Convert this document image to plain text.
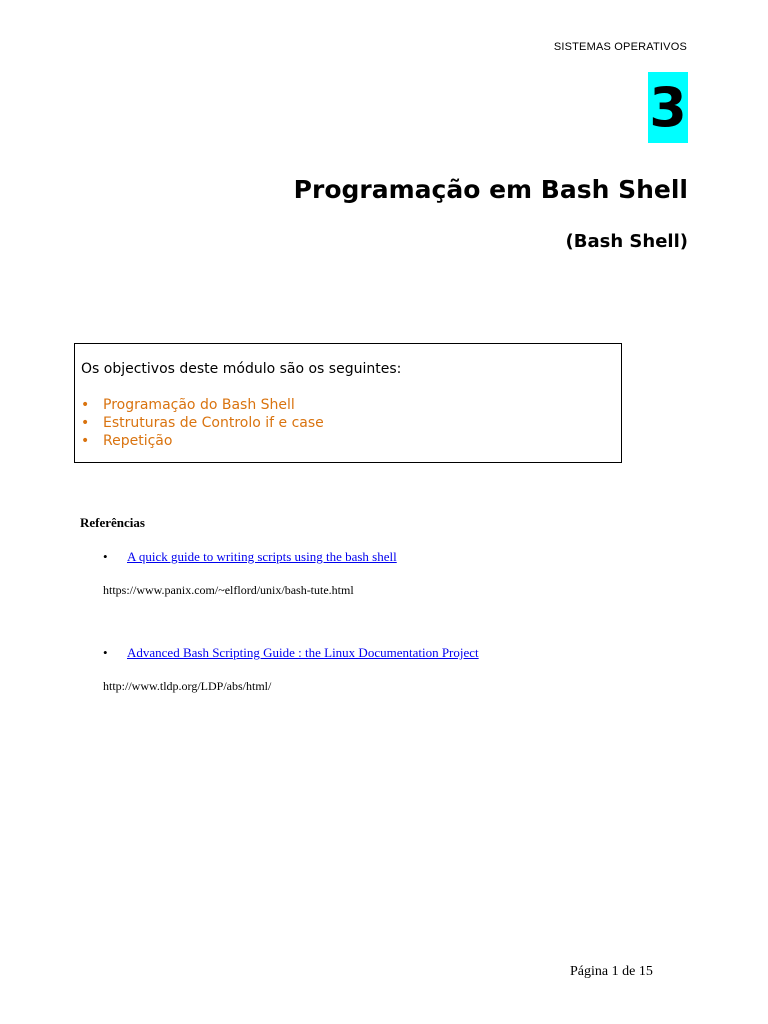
SISTEMAS OPERATIVOS
3
Programação em Bash Shell
(Bash Shell)
Os objectivos deste módulo são os seguintes:
• Programação do Bash Shell
• Estruturas de Controlo if e case
• Repetição
Referências
• A quick guide to writing scripts using the bash shell
https://www.panix.com/~elflord/unix/bash-tute.html
• Advanced Bash Scripting Guide : the Linux Documentation Project
http://www.tldp.org/LDP/abs/html/
Página 1 de 15
